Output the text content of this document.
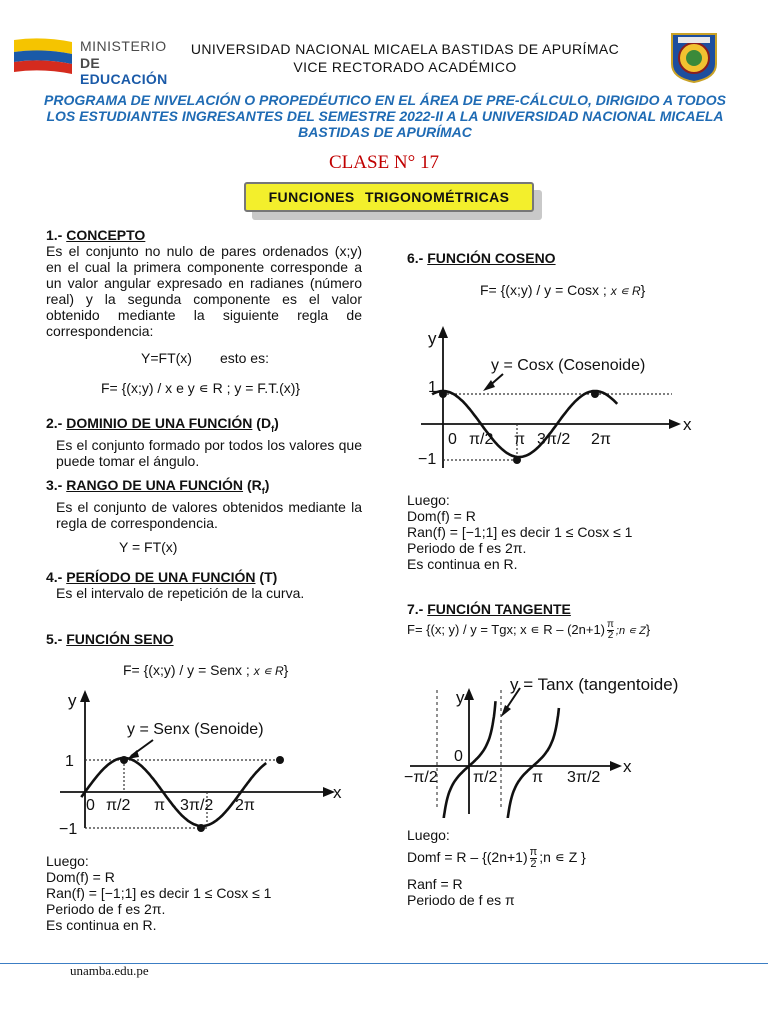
MINISTERIO
DE EDUCACIÓN
UNIVERSIDAD NACIONAL MICAELA BASTIDAS DE APURÍMAC
VICE RECTORADO ACADÉMICO
PROGRAMA DE NIVELACIÓN O PROPEDÉUTICO EN EL ÁREA DE PRE-CÁLCULO, DIRIGIDO A TODOS LOS ESTUDIANTES INGRESANTES DEL SEMESTRE 2022-II A LA UNIVERSIDAD NACIONAL MICAELA BASTIDAS DE APURÍMAC
CLASE N° 17
FUNCIONES TRIGONOMÉTRICAS
1.- CONCEPTO
Es el conjunto no nulo de pares ordenados (x;y) en el cual la primera componente corresponde a un valor angular expresado en radianes (número real) y la segunda componente es el valor obtenido mediante la siguiente regla de correspondencia:
Y=FT(x) esto es:
F= {(x;y) / x e y ∊ R ; y = F.T.(x)}
2.- DOMINIO DE UNA FUNCIÓN $(D_f)$
Es el conjunto formado por todos los valores que puede tomar el ángulo.
3.- RANGO DE UNA FUNCIÓN $(R_f)$
Es el conjunto de valores obtenidos mediante la regla de correspondencia.
Y = FT(x)
4.- PERÍODO DE UNA FUNCIÓN (T)
Es el intervalo de repetición de la curva.
5.- FUNCIÓN SENO
F= {(x;y) / y = Senx ; x ∊ R}
y
x
1
−1
y = Senx (Senoide)
0 π/2 π 3π/2 2π
Luego:
Dom(f) = R
Ran(f) = [−1;1] es decir 1 ≤ Cosx ≤ 1
Periodo de f es 2π.
Es continua en R.
6.- FUNCIÓN COSENO
F= {(x;y) / y = Cosx ; x ∊ R}
y
x
1
−1
y = Cosx (Cosenoide)
0 π/2 π 3π/2 2π
Luego:
Dom(f) = R
Ran(f) = [−1;1] es decir 1 ≤ Cosx ≤ 1
Periodo de f es 2π.
Es continua en R.
7.- FUNCIÓN TANGENTE
F= {(x; y) / y = Tgx; x ∊ $R - (2n+1) \frac{\pi}{2}$ ;n ∊ Z}
y
x
0
y = Tanx (tangentoide)
−π/2 π/2 π 3π/2
Luego:
Domf = $R - \{(2n+1) \frac{\pi}{2}$ ;n ∊ Z }
Ranf = R
Periodo de f es π
unamba.edu.pe
